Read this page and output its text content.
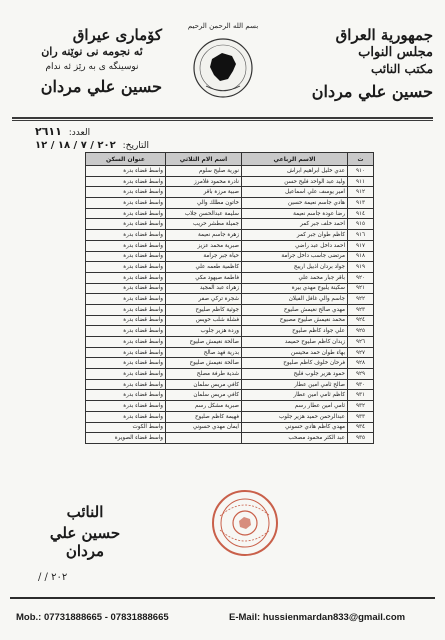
بسم الله الرحمن الرحيم	جمهورية العراق
مجلس النواب
مكتب النائب
حسين علي مردان
كۆماری عیراق
ئه نجومه نی نوێنه ران
نوسینگه ی به رێز ئه ندام
حسين علي مردان
العدد: ٢٦١١
التاريخ: ٢٠٢ / ٧ / ١٨ / ١٢
ت	الاسم الرباعي	اسم الام الثلاثي	عنوان السكن
٩١٠	عدي خليل ابراهيم ابراش	نورية صليح سلوم	واسط قضاء بدرة
٩١١	وليد عبد الواحد فليح حسن	نادرة محمود فلامرز	واسط قضاء بدرة
٩١٢	امير يوسف علي اسماعيل	صبية مرزة باقر	واسط قضاء بدرة
٩١٣	هادي جاسم نعيمة حسين	خاتون مطلك والي	واسط قضاء بدرة
٩١٤	رضا عودة جاسم نعيمة	سليمة عبدالحسن جلاب	واسط قضاء بدرة
٩١٥	احمد خلف جبر كمر	جميلة مطشر حريب	واسط قضاء بدرة
٩١٦	كاظم طوان جبر كمر	زهرة جاسم نعيمة	واسط قضاء بدرة
٩١٧	احمد داخل عبد راضي	صبرية محمد عزيز	واسط قضاء بدرة
٩١٨	مرتضى جاسب داخل جرامة	حياة جبر جرامة	واسط قضاء بدرة
٩١٩	جواد بردان اذبيل اريبج	كاظمية طعمه علي	واسط قضاء بدرة
٩٢٠	باقر جبار محمد علي	فاطمة صيهود مكي	واسط قضاء بدرة
٩٢١	سكينة يلبوج مهدي بيرة	زهراء عبد المجيد	واسط قضاء بدرة
٩٢٢	جاسم والي غافل الفيلان	شجرة تركي صفر	واسط قضاء بدرة
٩٢٣	مهدي صالح نغيمش صليوح	جوثية كاظم صليوح	واسط قضاء بدرة
٩٢٤	محمد نغيمش صليوح مصيوح	فشلة شلب حويس	واسط قضاء بدرة
٩٢٥	علي جواد كاظم صليوح	وردة هزير جلوب	واسط قضاء بدرة
٩٢٦	زيدان كاظم صليوح حميمد	صالحة نغيمش صليوح	واسط قضاء بدرة
٩٢٧	بهاء طوان حمد محيسن	بدرية فهد صالح	واسط قضاء بدرة
٩٢٨	فرحان خلوف كاظم صليوح	صالحة نغيمش صليوح	واسط قضاء بدرة
٩٢٩	حمود هزير جلوب فليح	شدية طرفة مصلح	واسط قضاء بدرة
٩٣٠	صالح ثامي امين عطار	كافي مريس سلمان	واسط قضاء بدرة
٩٣١	كاظم ثامي امين عطار	كافي مريس سلمان	واسط قضاء بدرة
٩٣٢	ثامي امين عطار رسم	صبرية مشكل رسم	واسط قضاء بدرة
٩٣٣	عبدالرحمن حميد هزير جلوب	فهيمة كاظم صليوح	واسط قضاء بدرة
٩٣٤	مهدي كاظم هادي حسوني	ايمان مهدي حسوني	واسط الكوت
٩٣٥	عبد الكثر محمود مصحب		واسط قضاء الصويرة
النائب
حسين علي مردان
٢٠٢ / /
Mob.: 07731888665 - 07831888665	E-Mail: hussienmardan833@gmail.com
